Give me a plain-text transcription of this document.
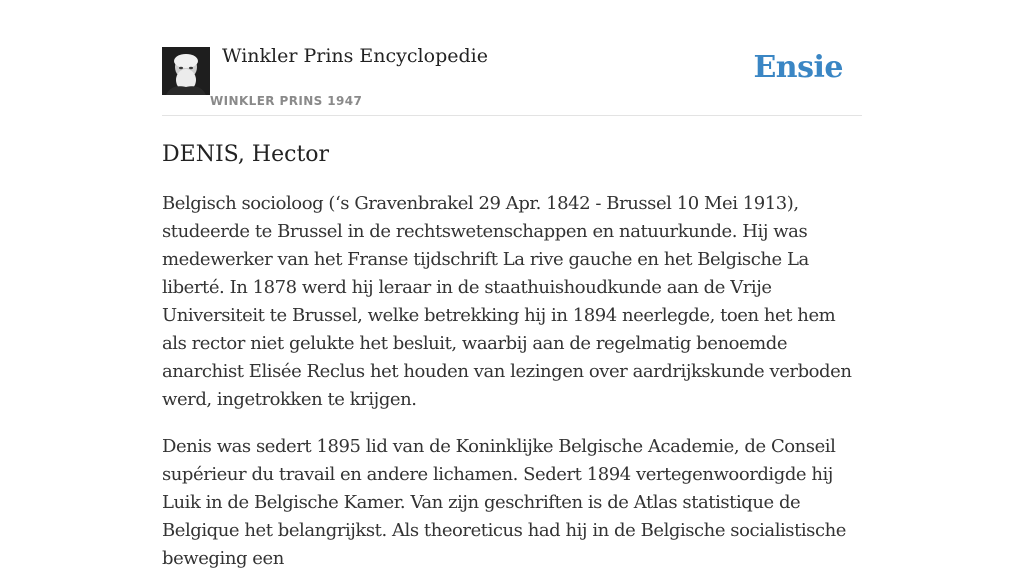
Winkler Prins Encyclopedie
WINKLER PRINS 1947
Ensie
DENIS, Hector

Belgisch socioloog (‘s Gravenbrakel 29 Apr. 1842 - Brussel 10 Mei 1913), studeerde te Brussel in de rechtswetenschappen en natuurkunde. Hij was medewerker van het Franse tijdschrift La rive gauche en het Belgische La liberté. In 1878 werd hij leraar in de staathuishoudkunde aan de Vrije Universiteit te Brussel, welke betrekking hij in 1894 neerlegde, toen het hem als rector niet gelukte het besluit, waarbij aan de regelmatig benoemde anarchist Elisée Reclus het houden van lezingen over aardrijkskunde verboden werd, ingetrokken te krijgen.

Denis was sedert 1895 lid van de Koninklijke Belgische Academie, de Conseil supérieur du travail en andere lichamen. Sedert 1894 vertegenwoordigde hij Luik in de Belgische Kamer. Van zijn geschriften is de Atlas statistique de Belgique het belangrijkst. Als theoreticus had hij in de Belgische socialistische beweging een
